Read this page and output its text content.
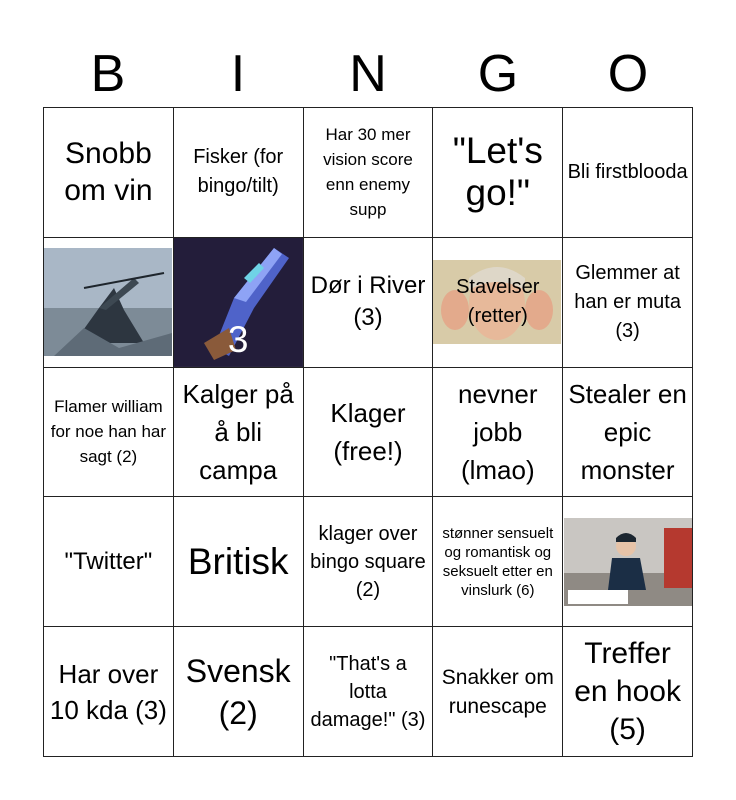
B	I	N	G	O
Snobb om vin
Fisker (for bingo/tilt)
Har 30 mer vision score enn enemy supp
"Let's go!"
Bli firstblooda
3
Dør i River (3)
Stavelser (retter)
Glemmer at han er muta (3)
Flamer william for noe han har sagt (2)
Kalger på å bli campa
Klager (free!)
nevner jobb (lmao)
Stealer en epic monster
"Twitter" Britisk
klager over bingo square (2)
stønner sensuelt og romantisk og seksuelt etter en vinslurk (6)
Har over 10 kda (3)
Svensk (2)
"That's a lotta damage!" (3)
Snakker om runescape
Treffer en hook (5)
